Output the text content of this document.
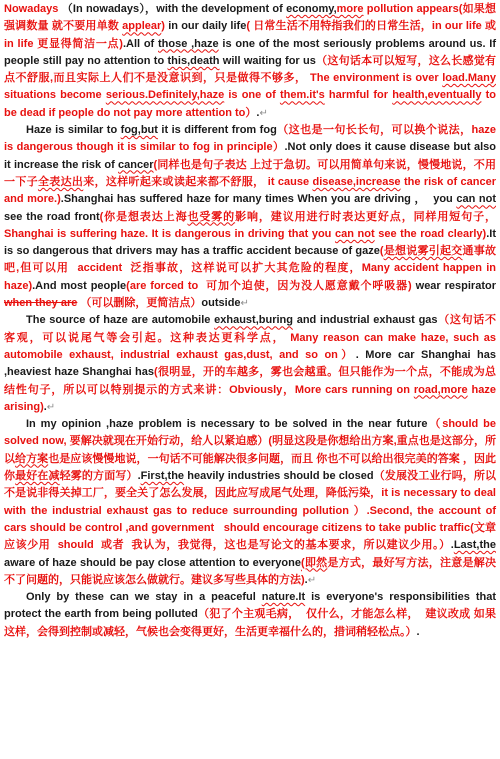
Nowadays （In nowadays），with the development of economy,more pollution appears(如果想强调数量 就不要用单数 applear) in our daily life( 日常生活不用特指我们的日常生活，in our life 或 in life 更显得简洁一点).All of those ,haze is one of the most seriously problems around us. If people still pay no attention to this,death will waiting for us（这句话本可以短写，这么长感觉有点不舒服,而且实际上人们不是没意识到，只是做得不够多， The environment is over load.Many situations become serious.Definitely,haze is one of them.it's harmful for health,eventually to be dead if people do not pay more attention to）.↵

Haze is similar to fog,but it is different from fog（这也是一句长长句，可以换个说法，haze is dangerous though it is similar to fog in principle）.Not only does it cause disease but also it increase the risk of cancer(同样也是句子表达 上过于急切。可以用简单句来说，慢慢地说，不用一下子全表达出来，这样听起来或读起来都不舒服， it cause disease,increase the risk of cancer and more.).Shanghai has suffered haze for many times When you are driving ，  you can not see the road front(你是想表达上海也受雾的影响，建议用进行时表达更好点，同样用短句子，Shanghai is suffering haze. It is dangerous in driving that you can not see the road clearly).It is so dangerous that drivers may has a traffic accident because of gaze(是想说雾引起交通事故吧,但可以用  accident  泛指事故，这样说可以扩大其危险的程度，Many accident happen in haze).And most people(are forced to  可加个迫使，因为没人愿意戴个呼吸器) wear respirator when they are （可以删除，更简洁点）outside↵

The source of haze are automobile exhaust,buring and industrial exhaust gas（这句话不客观，可以说尾气等会引起。这种表达更科学点， Many reason can make haze, such as automobile exhaust, industrial exhaust gas,dust, and so on）. More car Shanghai has ,heaviest haze Shanghai has(很明显，开的车越多，雾也会越重。但只能作为一个点，不能成为总结性句子，所以可以特别提示的方式来讲：Obviously，More cars running on road,more haze arising).↵

In my opinion ,haze problem is necessary to be solved in the near future（should be solved now, 要解决就现在开始行动，给人以紧迫感）(明显这段是你想给出方案,重点也是这部分，所以给方案也是应该慢慢地说，一句话不可能解决很多问题，而且 你也不可以给出很完美的答案 ，因此你最好在减轻雾的方面写）.First,the heavily industries should be closed（发展没工业行吗，所以不是说非得关掉工厂，要全关了怎么发展，因此应写成尾气处理，降低污染，it is necessary to deal with the industrial exhaust gas to reduce surrounding pollution ）.Second, the account of cars should be control ,and government   should encourage citizens to take public traffic(文章应该少用  should  或者  我认为，我觉得，这也是写论文的基本要求，所以建议少用。）.Last,the aware of haze should be pay close attention to everyone(即然是方式，最好写方法，注意是解决不了问题的，只能说应该怎么做就行。建议多写些具体的方法).↵

Only by these can we stay in a peaceful nature.It is everyone's responsibilities that protect the earth from being polluted（犯了个主观毛病，  仅什么，才能怎么样，  建议改成 如果这样，会得到控制或减轻，气候也会变得更好，生活更幸福什么的，措词稍轻松点。）.
